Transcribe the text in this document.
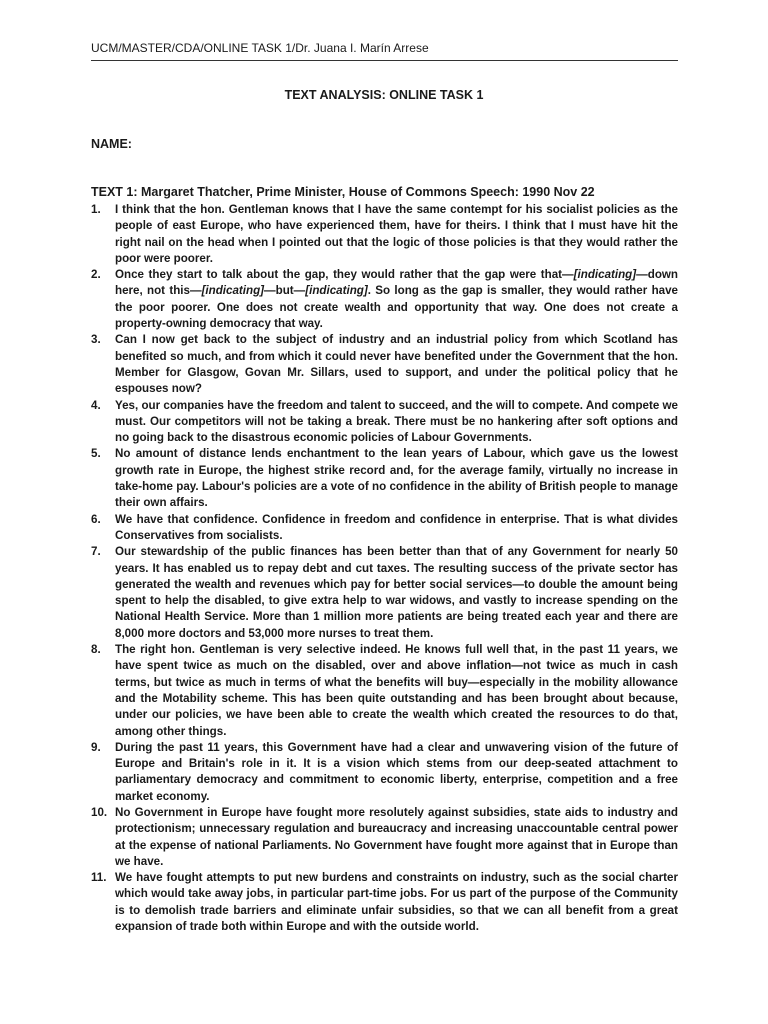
UCM/MASTER/CDA/ONLINE TASK 1/Dr. Juana I. Marín Arrese
TEXT ANALYSIS: ONLINE TASK 1
NAME:
TEXT 1: Margaret Thatcher, Prime Minister, House of Commons Speech: 1990 Nov 22
1. I think that the hon. Gentleman knows that I have the same contempt for his socialist policies as the people of east Europe, who have experienced them, have for theirs. I think that I must have hit the right nail on the head when I pointed out that the logic of those policies is that they would rather the poor were poorer.
2. Once they start to talk about the gap, they would rather that the gap were that—[indicating]—down here, not this—[indicating]—but—[indicating]. So long as the gap is smaller, they would rather have the poor poorer. One does not create wealth and opportunity that way. One does not create a property-owning democracy that way.
3. Can I now get back to the subject of industry and an industrial policy from which Scotland has benefited so much, and from which it could never have benefited under the Government that the hon. Member for Glasgow, Govan Mr. Sillars, used to support, and under the political policy that he espouses now?
4. Yes, our companies have the freedom and talent to succeed, and the will to compete. And compete we must. Our competitors will not be taking a break. There must be no hankering after soft options and no going back to the disastrous economic policies of Labour Governments.
5. No amount of distance lends enchantment to the lean years of Labour, which gave us the lowest growth rate in Europe, the highest strike record and, for the average family, virtually no increase in take-home pay. Labour's policies are a vote of no confidence in the ability of British people to manage their own affairs.
6. We have that confidence. Confidence in freedom and confidence in enterprise. That is what divides Conservatives from socialists.
7. Our stewardship of the public finances has been better than that of any Government for nearly 50 years. It has enabled us to repay debt and cut taxes. The resulting success of the private sector has generated the wealth and revenues which pay for better social services—to double the amount being spent to help the disabled, to give extra help to war widows, and vastly to increase spending on the National Health Service. More than 1 million more patients are being treated each year and there are 8,000 more doctors and 53,000 more nurses to treat them.
8. The right hon. Gentleman is very selective indeed. He knows full well that, in the past 11 years, we have spent twice as much on the disabled, over and above inflation—not twice as much in cash terms, but twice as much in terms of what the benefits will buy—especially in the mobility allowance and the Motability scheme. This has been quite outstanding and has been brought about because, under our policies, we have been able to create the wealth which created the resources to do that, among other things.
9. During the past 11 years, this Government have had a clear and unwavering vision of the future of Europe and Britain's role in it. It is a vision which stems from our deep-seated attachment to parliamentary democracy and commitment to economic liberty, enterprise, competition and a free market economy.
10. No Government in Europe have fought more resolutely against subsidies, state aids to industry and protectionism; unnecessary regulation and bureaucracy and increasing unaccountable central power at the expense of national Parliaments. No Government have fought more against that in Europe than we have.
11. We have fought attempts to put new burdens and constraints on industry, such as the social charter which would take away jobs, in particular part-time jobs. For us part of the purpose of the Community is to demolish trade barriers and eliminate unfair subsidies, so that we can all benefit from a great expansion of trade both within Europe and with the outside world.
